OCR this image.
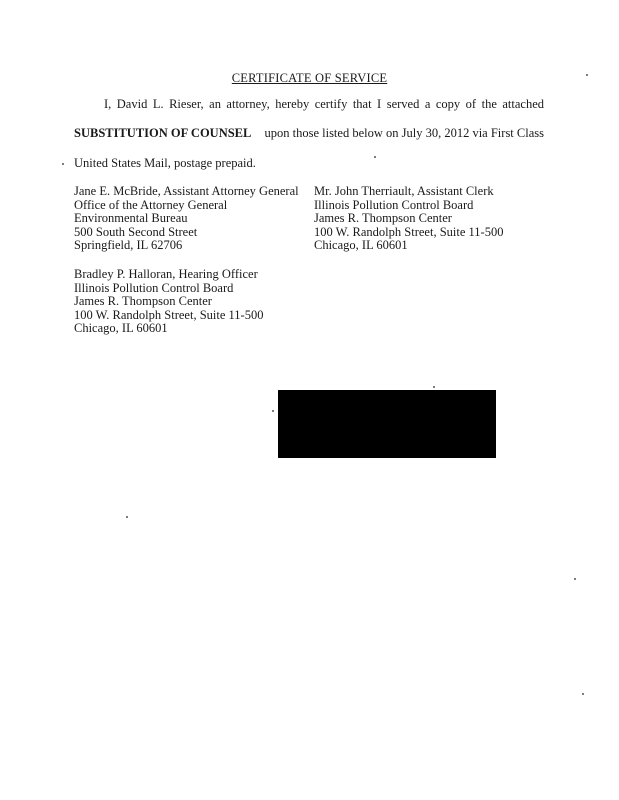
CERTIFICATE OF SERVICE
I, David L. Rieser, an attorney, hereby certify that I served a copy of the attached
SUBSTITUTION OF COUNSEL	upon those listed below on July 30, 2012 via First Class
United States Mail, postage prepaid.
Jane E. McBride, Assistant Attorney General
Office of the Attorney General
Environmental Bureau
500 South Second Street
Springfield, IL 62706
Mr. John Therriault, Assistant Clerk
Illinois Pollution Control Board
James R. Thompson Center
100 W. Randolph Street, Suite 11-500
Chicago, IL 60601
Bradley P. Halloran, Hearing Officer
Illinois Pollution Control Board
James R. Thompson Center
100 W. Randolph Street, Suite 11-500
Chicago, IL 60601
